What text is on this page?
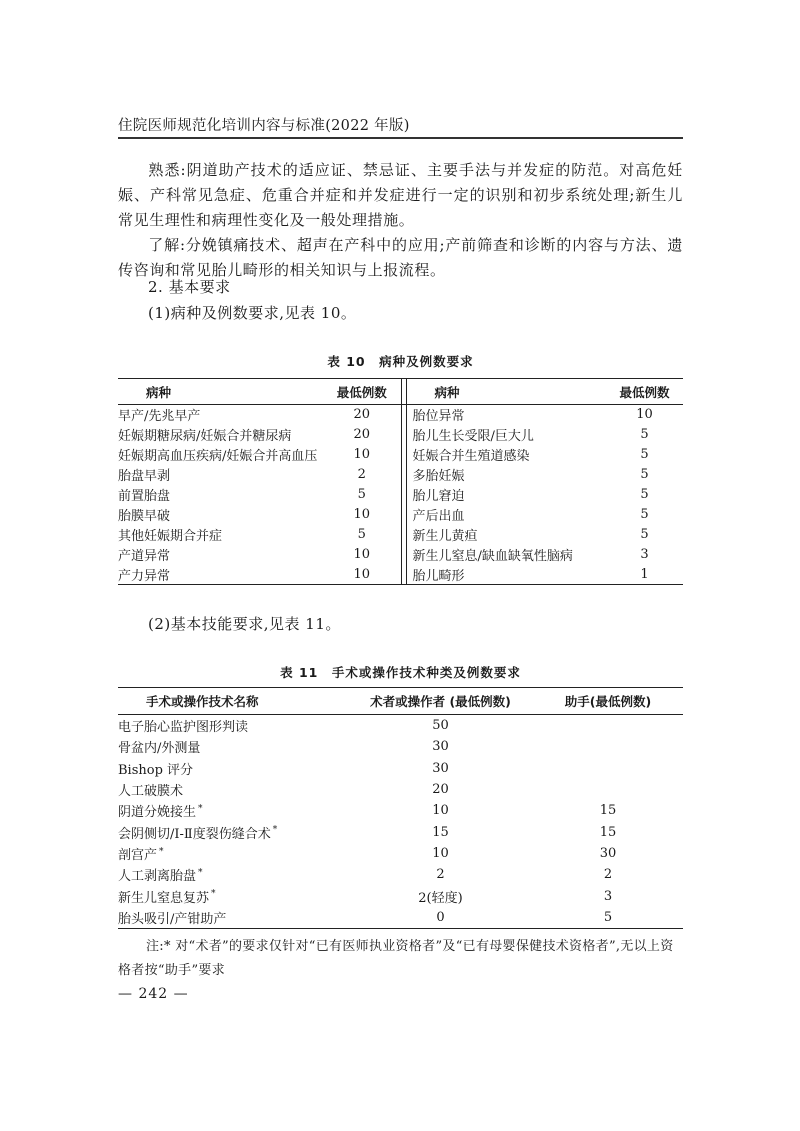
住院医师规范化培训内容与标准(2022 年版)
熟悉:阴道助产技术的适应证、禁忌证、主要手法与并发症的防范。对高危妊娠、产科常见急症、危重合并症和并发症进行一定的识别和初步系统处理;新生儿常见生理性和病理性变化及一般处理措施。
了解:分娩镇痛技术、超声在产科中的应用;产前筛查和诊断的内容与方法、遗传咨询和常见胎儿畸形的相关知识与上报流程。
2. 基本要求
(1)病种及例数要求,见表 10。
表 10　病种及例数要求
病种	最低例数		病种	最低例数
早产/先兆早产	20		胎位异常	10
妊娠期糖尿病/妊娠合并糖尿病	20		胎儿生长受限/巨大儿	5
妊娠期高血压疾病/妊娠合并高血压	10		妊娠合并生殖道感染	5
胎盘早剥	2		多胎妊娠	5
前置胎盘	5		胎儿窘迫	5
胎膜早破	10		产后出血	5
其他妊娠期合并症	5		新生儿黄疸	5
产道异常	10		新生儿窒息/缺血缺氧性脑病	3
产力异常	10		胎儿畸形	1
(2)基本技能要求,见表 11。
表 11　手术或操作技术种类及例数要求
手术或操作技术名称	术者或操作者 (最低例数)	助手(最低例数)
电子胎心监护图形判读	50	
骨盆内/外测量	30	
Bishop 评分	30	
人工破膜术	20	
阴道分娩接生 *	10	15
会阴侧切/Ⅰ-Ⅱ度裂伤缝合术 *	15	15
剖宫产 *	10	30
人工剥离胎盘 *	2	2
新生儿窒息复苏 *	2(轻度)	3
胎头吸引/产钳助产	0	5
注:* 对“术者”的要求仅针对“已有医师执业资格者”及“已有母婴保健技术资格者”,无以上资格者按“助手”要求
— 242 —
